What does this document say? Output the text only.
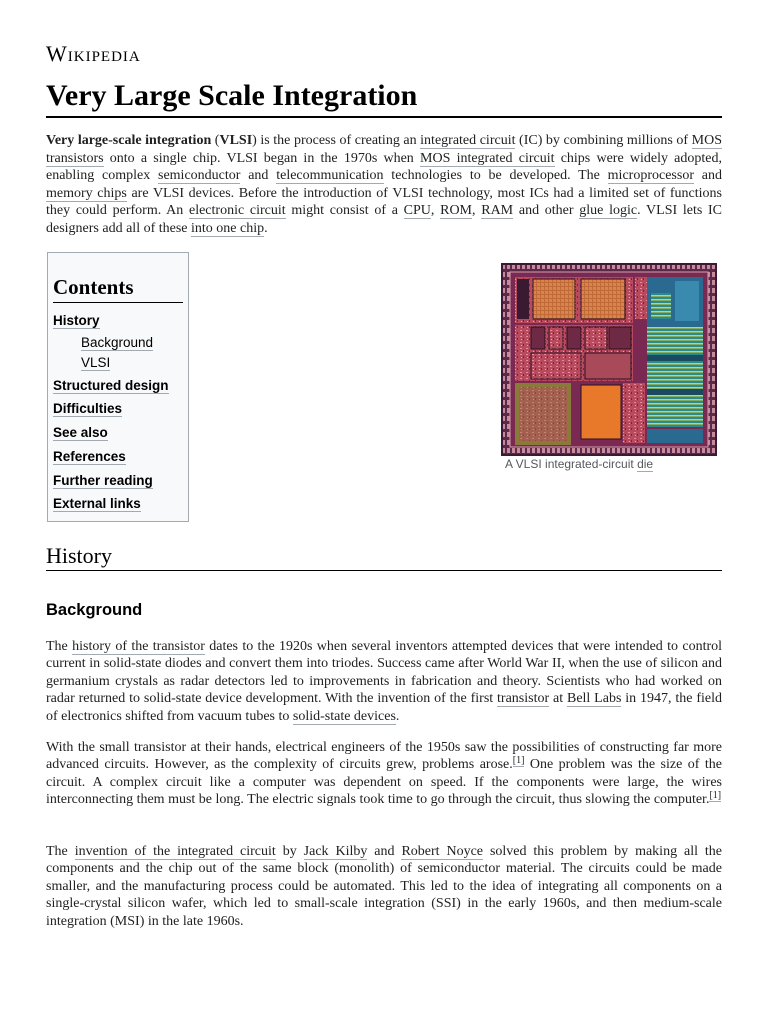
Wikipedia
Very Large Scale Integration

Very large-scale integration (VLSI) is the process of creating an integrated circuit (IC) by combining millions of MOS transistors onto a single chip. VLSI began in the 1970s when MOS integrated circuit chips were widely adopted, enabling complex semiconductor and telecommunication technologies to be developed. The microprocessor and memory chips are VLSI devices. Before the introduction of VLSI technology, most ICs had a limited set of functions they could perform. An electronic circuit might consist of a CPU, ROM, RAM and other glue logic. VLSI lets IC designers add all of these into one chip.

Contents
History
Background
VLSI
Structured design
Difficulties
See also
References
Further reading
External links
A VLSI integrated-circuit die
History
Background

The history of the transistor dates to the 1920s when several inventors attempted devices that were intended to control current in solid-state diodes and convert them into triodes. Success came after World War II, when the use of silicon and germanium crystals as radar detectors led to improvements in fabrication and theory. Scientists who had worked on radar returned to solid-state device development. With the invention of the first transistor at Bell Labs in 1947, the field of electronics shifted from vacuum tubes to solid-state devices.

With the small transistor at their hands, electrical engineers of the 1950s saw the possibilities of constructing far more advanced circuits. However, as the complexity of circuits grew, problems arose.[1] One problem was the size of the circuit. A complex circuit like a computer was dependent on speed. If the components were large, the wires interconnecting them must be long. The electric signals took time to go through the circuit, thus slowing the computer.[1]

The invention of the integrated circuit by Jack Kilby and Robert Noyce solved this problem by making all the components and the chip out of the same block (monolith) of semiconductor material. The circuits could be made smaller, and the manufacturing process could be automated. This led to the idea of integrating all components on a single-crystal silicon wafer, which led to small-scale integration (SSI) in the early 1960s, and then medium-scale integration (MSI) in the late 1960s.
